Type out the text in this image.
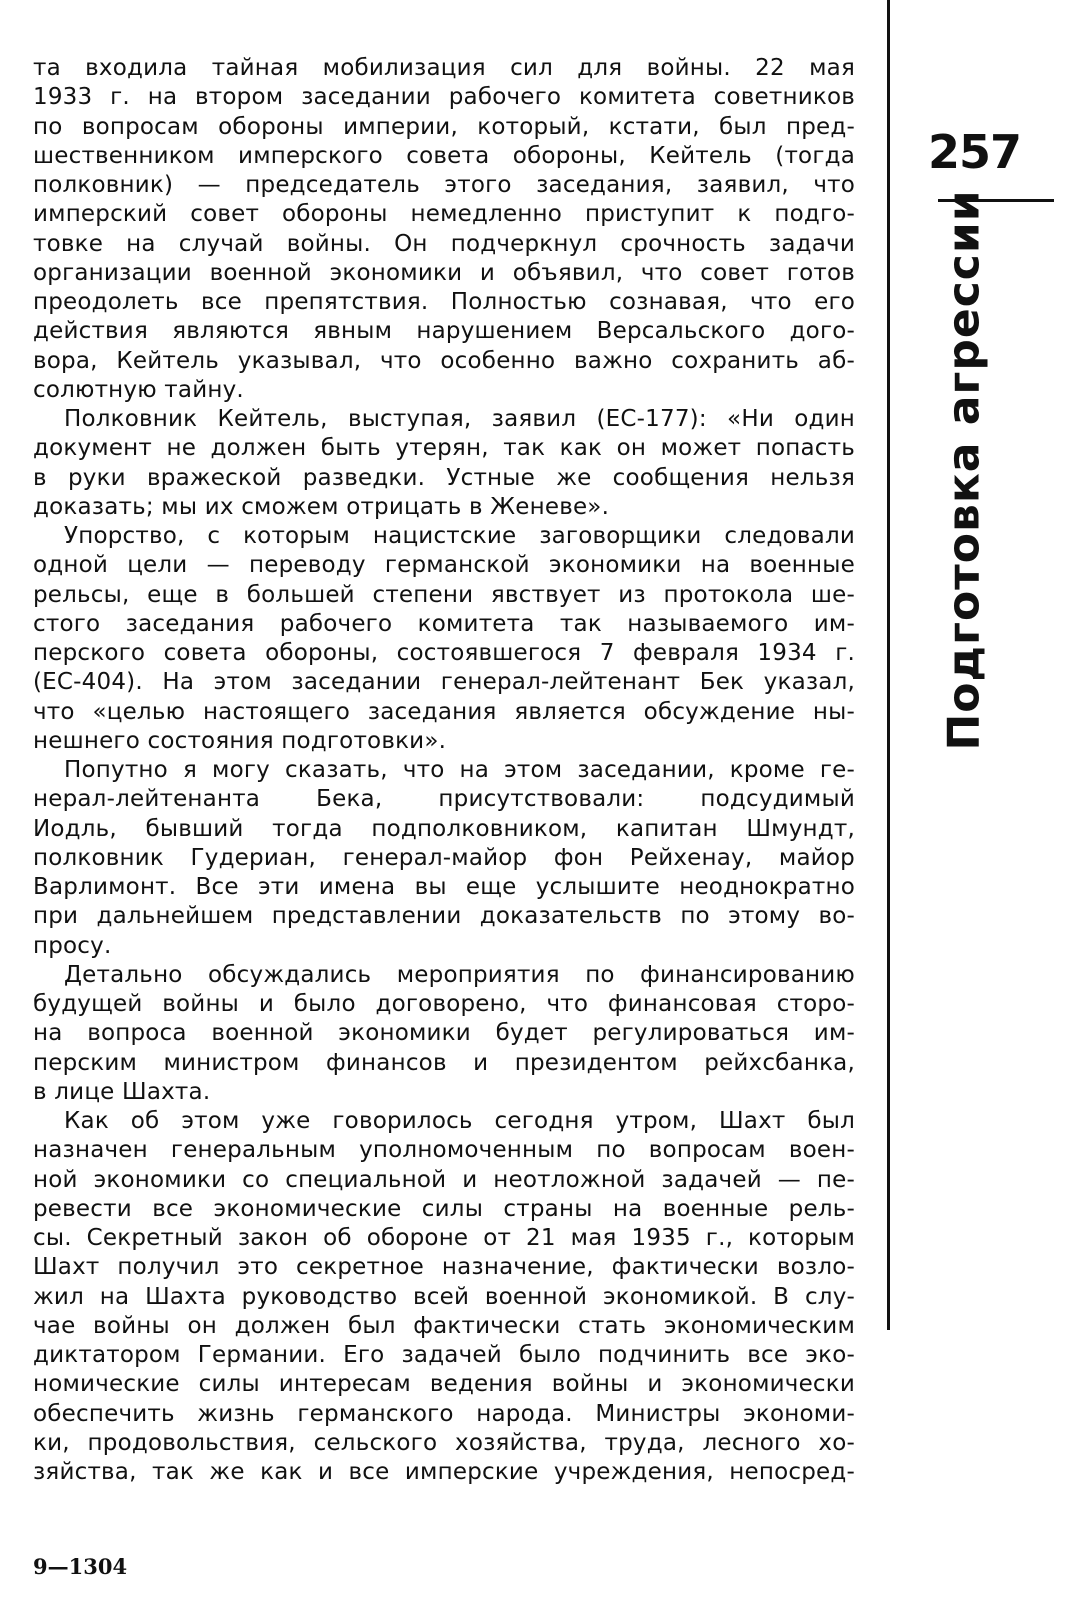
та входила тайная мобилизация сил для войны. 22 мая
1933 г. на втором заседании рабочего комитета советников
по вопросам обороны империи, который, кстати, был пред-
шественником имперского совета обороны, Кейтель (тогда
полковник) — председатель этого заседания, заявил, что
имперский совет обороны немедленно приступит к подго-
товке на случай войны. Он подчеркнул срочность задачи
организации военной экономики и объявил, что совет готов
преодолеть все препятствия. Полностью сознавая, что его
действия являются явным нарушением Версальского дого-
вора, Кейтель указывал, что особенно важно сохранить аб-
солютную тайну.
Полковник Кейтель, выступая, заявил (ЕС-177): «Ни один
документ не должен быть утерян, так как он может попасть
в руки вражеской разведки. Устные же сообщения нельзя
доказать; мы их сможем отрицать в Женеве».
Упорство, с которым нацистские заговорщики следовали
одной цели — переводу германской экономики на военные
рельсы, еще в большей степени явствует из протокола ше-
стого заседания рабочего комитета так называемого им-
перского совета обороны, состоявшегося 7 февраля 1934 г.
(ЕС-404). На этом заседании генерал-лейтенант Бек указал,
что «целью настоящего заседания является обсуждение ны-
нешнего состояния подготовки».
Попутно я могу сказать, что на этом заседании, кроме ге-
нерал-лейтенанта Бека, присутствовали: подсудимый
Иодль, бывший тогда подполковником, капитан Шмундт,
полковник Гудериан, генерал-майор фон Рейхенау, майор
Варлимонт. Все эти имена вы еще услышите неоднократно
при дальнейшем представлении доказательств по этому во-
просу.
Детально обсуждались мероприятия по финансированию
будущей войны и было договорено, что финансовая сторо-
на вопроса военной экономики будет регулироваться им-
перским министром финансов и президентом рейхсбанка,
в лице Шахта.
Как об этом уже говорилось сегодня утром, Шахт был
назначен генеральным уполномоченным по вопросам воен-
ной экономики со специальной и неотложной задачей — пе-
ревести все экономические силы страны на военные рель-
сы. Секретный закон об обороне от 21 мая 1935 г., которым
Шахт получил это секретное назначение, фактически возло-
жил на Шахта руководство всей военной экономикой. В слу-
чае войны он должен был фактически стать экономическим
диктатором Германии. Его задачей было подчинить все эко-
номические силы интересам ведения войны и экономически
обеспечить жизнь германского народа. Министры экономи-
ки, продовольствия, сельского хозяйства, труда, лесного хо-
зяйства, так же как и все имперские учреждения, непосред-
257
Подготовка агрессии
9—1304
